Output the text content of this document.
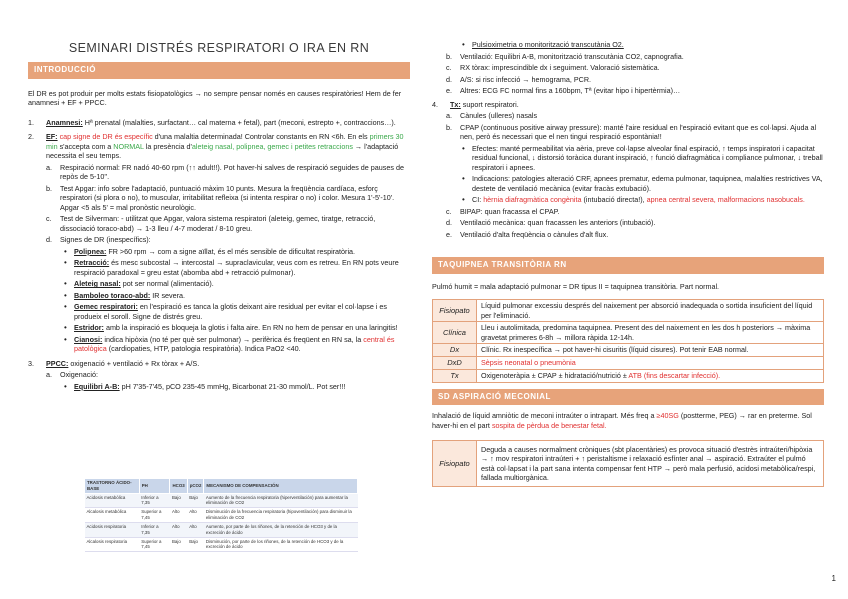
SEMINARI DISTRÉS RESPIRATORI O IRA EN RN
INTRODUCCIÓ
El DR es pot produir per molts estats fisiopatològics → no sempre pensar només en causes respiratòries! Hem de fer anamnesi + EF + PPCC.
1.	Anamnesi: Hª prenatal (malalties, surfactant… cal materna + fetal), part (meconi, estrepto +, contraccions…).
2.	EF: cap signe de DR és específic d'una malaltia determinada! Controlar constants en RN <6h. En els primers 30 min s'accepta com a NORMAL la presència d'aleteig nasal, polipnea, gemec i petites retraccions → l'adaptació necessita el seu temps.
a.	Respiració normal: FR nadó 40-60 rpm (↑↑ adult!!). Pot haver-hi salves de respiració seguides de pauses de repòs de 5-10''.
b.	Test Apgar: info sobre l'adaptació, puntuació màxim 10 punts. Mesura la freqüència cardíaca, esforç respiratori (si plora o no), to muscular, irritabilitat refleixa (si intenta respirar o no) i color. Mesura 1'-5'-10'. Apgar <5 als 5' = mal pronòstic neurològic.
c.	Test de Silverman: - utilitzat que Apgar, valora sistema respiratori (aleteig, gemec, tiratge, retracció, dissociació toraco-abd) → 1-3 lleu / 4-7 moderat / 8-10 greu.
d.	Signes de DR (inespecífics):
• Polipnea: FR >60 rpm → com a signe aïllat, és el més sensible de dificultat respiratòria.
• Retracció: és mesc subcostal → intercostal → supraclavicular, veus com es retreu. En RN pots veure respiració paradoxal = greu estat (abomba abd + retracció pulmonar).
• Aleteig nasal: pot ser normal (alimentació).
• Bamboleo toraco-abd: IR severa.
• Gemec respiratori: en l'espiració es tanca la glotis deixant aire residual per evitar el col·lapse i es produeix el soroll. Signe de distrés greu.
• Estridor: amb la inspiració es bloqueja la glotis i falta aire. En RN no hem de pensar en una laringitis!
• Cianosi: indica hipòxia (no té per què ser pulmonar) → perifèrica és freqüent en RN sa, la central és patològica (cardiopaties, HTP, patologia respiratòria). Indica PaO2 <40.
3.	PPCC: oxigenació + ventilació + Rx tòrax + A/S.
a.	Oxigenació:
• Equilibri A-B: pH 7'35-7'45, pCO 235-45 mmHg, Bicarbonat 21-30 mmol/L. Pot ser!!!
TRASTORNO ÁCIDO-BASE	PH	HCO3	pCO2	MECANISMO DE COMPENSACIÓN
Acidosis metabólica	Inferior a 7,35	Bajo	Bajo	Aumento de la frecuencia respiratoria (hiperventilación) para aumentar la eliminación de CO2
Alcalosis metabólica	Superior a 7,45	Alto	Alto	Disminución de la frecuencia respiratoria (hipoventilación) para disminuir la eliminación de CO2
Acidosis respiratoria	Inferior a 7,35	Alto	Alto	Aumento, por parte de los riñones, de la retención de HCO3 y de la excreción de ácido
Alcalosis respiratoria	Superior a 7,45	Bajo	Bajo	Disminución, por parte de los riñones, de la retención de HCO3 y de la excreción de ácido
• Pulsioximetria o monitorització transcutània O2.
b.	Ventilació: Equilibri A-B, monitorització transcutània CO2, capnografia.
c.	RX tòrax: imprescindible dx i seguiment. Valoració sistemàtica.
d.	A/S: si risc infecció → hemograma, PCR.
e.	Altres: ECG FC normal fins a 160bpm, Tª (evitar hipo i hipertèrmia)…
4.	Tx: suport respiratori.
a.	Cànules (ulleres) nasals
b.	CPAP (continuous positive airway pressure): manté l'aire residual en l'espiració evitant que es col·lapsi. Ajuda al nen, però és necessari que el nen tingui respiració espontània!!
• Efectes: manté permeabilitat via aèria, preve col·lapse alveolar final espiració, ↑ temps inspiratori i capacitat residual funcional, ↓ distorsió toràcica durant inspiració, ↑ funció diafragmàtica i compliance pulmonar, ↓ treball respiratori i apnees.
• Indicacions: patologies alteració CRF, apnees prematur, edema pulmonar, taquipnea, malalties restrictives VA, destete de ventilació mecànica (evitar fracàs extubació).
• CI: hèrnia diafragmàtica congènita (intubació directa!), apnea central severa, malformacions nasobucals.
c.	BIPAP: quan fracassa el CPAP.
d.	Ventilació mecànica: quan fracassen les anteriors (intubació).
e.	Ventilació d'alta freqüència o cànules d'alt flux.
TAQUIPNEA TRANSITÒRIA RN
Pulmó humit = mala adaptació pulmonar = DR tipus II = taquipnea transitòria. Part normal.
Fisiopato	Líquid pulmonar excessiu després del naixement per absorció inadequada o sortida insuficient del líquid per l'eliminació.
Clínica	Lleu i autolimitada, predomina taquipnea. Present des del naixement en les dos h posteriors → màxima gravetat primeres 6-8h → millora ràpida 12-14h.
Dx	Clínic. Rx inespecífica → pot haver-hi cisuritis (líquid cisures). Pot tenir EAB normal.
DxD	Sèpsis neonatal o pneumònia
Tx	Oxigenoteràpia ± CPAP ± hidratació/nutrició ± ATB (fins descartar infecció).
SD ASPIRACIÓ MECONIAL
Inhalació de líquid amniòtic de meconi intraúter o intrapart. Més freq a ≥40SG (postterme, PEG) → rar en preterme. Sol haver-hi en el part sospita de pèrdua de benestar fetal.
Fisiopato	Deguda a causes normalment cròniques (sbt placentàries) es provoca situació d'estrès intraúteri/hipòxia → ↑ mov respiratori intraúteri + ↑ peristaltisme i relaxació esfínter anal → aspiració. Extraúter el pulmó està col·lapsat i la part sana intenta compensar fent HTP → però mala perfusió, acidosi metabòlica/respi, fallada multiorgànica.
1
